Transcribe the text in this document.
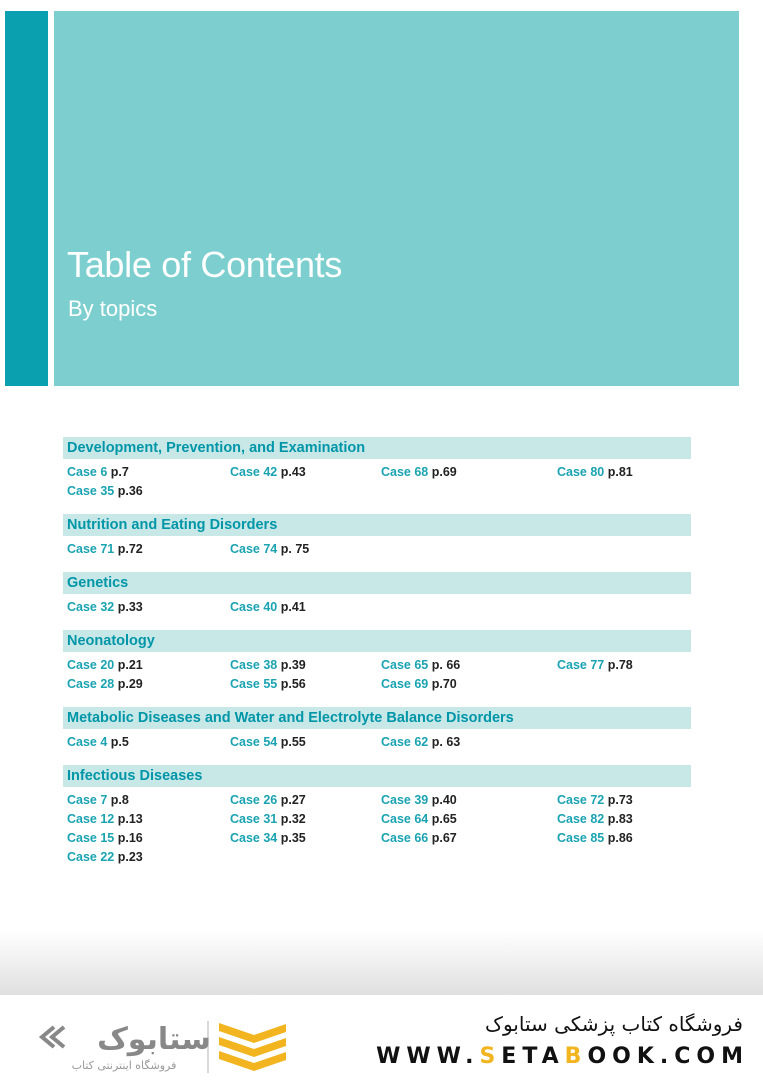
Table of Contents
By topics
Development, Prevention, and Examination
Case 6 p.7	Case 42 p.43	Case 68 p.69	Case 80 p.81
Case 35 p.36
Nutrition and Eating Disorders
Case 71 p.72	Case 74 p. 75
Genetics
Case 32 p.33	Case 40 p.41
Neonatology
Case 20 p.21	Case 38 p.39	Case 65 p. 66	Case 77 p.78
Case 28 p.29	Case 55 p.56	Case 69 p.70
Metabolic Diseases and Water and Electrolyte Balance Disorders
Case 4 p.5	Case 54 p.55	Case 62 p. 63
Infectious Diseases
Case 7 p.8	Case 26 p.27	Case 39 p.40	Case 72 p.73
Case 12 p.13	Case 31 p.32	Case 64 p.65	Case 82 p.83
Case 15 p.16	Case 34 p.35	Case 66 p.67	Case 85 p.86
Case 22 p.23
ستابوک
فروشگاه اینترنتی کتاب
فروشگاه کتاب پزشکی ستابوک
WWW.SETABOOK.COM
